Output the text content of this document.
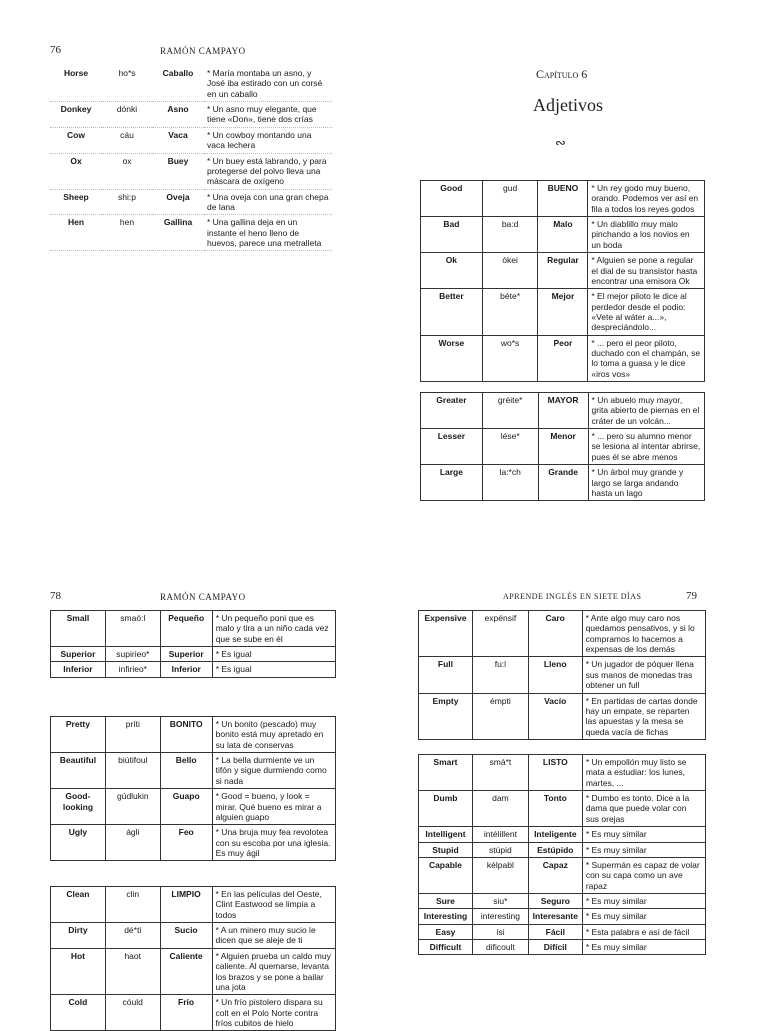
76	RAMÓN CAMPAYO
Horse	ho*s	Caballo	* María montaba un asno, y José iba estirado con un corsé en un caballo
Donkey	dónki	Asno	* Un asno muy elegante, que tiene «Don», tiene dos crías
Cow	cáu	Vaca	* Un cowboy montando una vaca lechera
Ox	ox	Buey	* Un buey está labrando, y para protegerse del polvo lleva una máscara de oxígeno
Sheep	shi:p	Oveja	* Una oveja con una gran chepa de lana
Hen	hen	Gallina	* Una gallina deja en un instante el heno lleno de huevos, parece una metralleta
Capítulo 6
Adjetivos
∾
Good	gud	BUENO	* Un rey godo muy bueno, orando. Podemos ver así en fila a todos los reyes godos
Bad	ba:d	Malo	* Un diablillo muy malo pinchando a los novios en un boda
Ok	ókei	Regular	* Alguien se pone a regular el dial de su transistor hasta encontrar una emisora Ok
Better	béte*	Mejor	* El mejor piloto le dice al perdedor desde el podio: «Vete al wáter a...», despreciándolo...
Worse	wo*s	Peor	* ... pero el peor piloto, duchado con el champán, se lo toma a guasa y le dice «iros vos»
Greater	gréite*	MAYOR	* Un abuelo muy mayor, grita abierto de piernas en el cráter de un volcán...
Lesser	lése*	Menor	* ... pero su alumno menor se lesiona al intentar abrirse, pues él se abre menos
Large	la:*ch	Grande	* Un árbol muy grande y largo se larga andando hasta un lago
78	RAMÓN CAMPAYO
Small	smaó:l	Pequeño	* Un pequeño poni que es malo y tira a un niño cada vez que se sube en él
Superior	supirieo*	Superior	* Es igual
Inferior	infirieo*	Inferior	* Es igual
Pretty	príti	BONITO	* Un bonito (pescado) muy bonito está muy apretado en su lata de conservas
Beautiful	biútifoul	Bello	* La bella durmiente ve un tifón y sigue durmiendo como si nada
Good-looking	gúdlukin	Guapo	* Good = bueno, y look = mirar. Qué bueno es mirar a alguien guapo
Ugly	ágli	Feo	* Una bruja muy fea revolotea con su escoba por una iglesia. Es muy ágil
Clean	clin	LIMPIO	* En las películas del Oeste, Clint Eastwood se limpia a todos
Dirty	dé*ti	Sucio	* A un minero muy sucio le dicen que se aleje de ti
Hot	haot	Caliente	* Alguien prueba un caldo muy caliente. Al quemarse, levanta los brazos y se pone a bailar una jota
Cold	cóuld	Frío	* Un frío pistolero dispara su colt en el Polo Norte contra fríos cubitos de hielo
APRENDE INGLÉS EN SIETE DÍAS	79
Expensive	expénsif	Caro	* Ante algo muy caro nos quedamos pensativos, y si lo compramos lo hacemos a expensas de los demás
Full	fu:l	Lleno	* Un jugador de póquer llena sus manos de monedas tras obtener un full
Empty	émpti	Vacío	* En partidas de cartas donde hay un empate, se reparten las apuestas y la mesa se queda vacía de fichas
Smart	smá*t	LISTO	* Un empollón muy listo se mata a estudiar: los lunes, martes, ...
Dumb	dam	Tonto	* Dumbo es tonto. Dice a la dama que puede volar con sus orejas
Intelligent	intélillent	Inteligente	* Es muy similar
Stupid	stúpid	Estúpido	* Es muy similar
Capable	kélpabl	Capaz	* Supermán es capaz de volar con su capa como un ave rapaz
Sure	siu*	Seguro	* Es muy similar
Interesting	interesting	Interesante	* Es muy similar
Easy	ísi	Fácil	* Esta palabra e así de fácil
Difficult	dificoult	Difícil	* Es muy similar
